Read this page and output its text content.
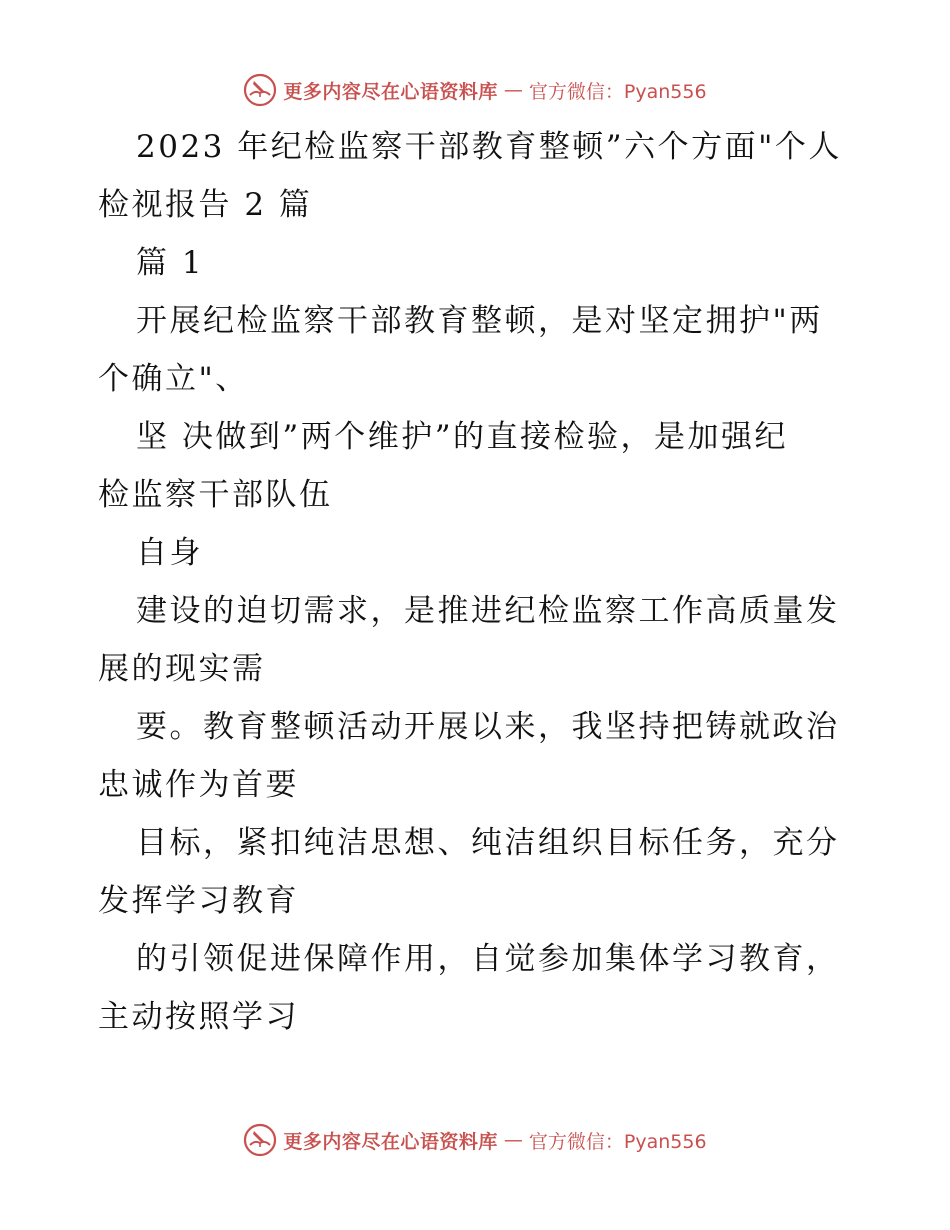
更多内容尽在心语资料库 — 官方微信：Pyan556
2023 年纪检监察干部教育整顿”六个方面"个人
检视报告 2 篇
篇 1
开展纪检监察干部教育整顿，是对坚定拥护"两
个确立"、
坚 决做到”两个维护”的直接检验，是加强纪
检监察干部队伍
自身
建设的迫切需求，是推进纪检监察工作高质量发
展的现实需
要。教育整顿活动开展以来，我坚持把铸就政治
忠诚作为首要
目标，紧扣纯洁思想、纯洁组织目标任务，充分
发挥学习教育
的引领促进保障作用，自觉参加集体学习教育，
主动按照学习
更多内容尽在心语资料库 — 官方微信：Pyan556
